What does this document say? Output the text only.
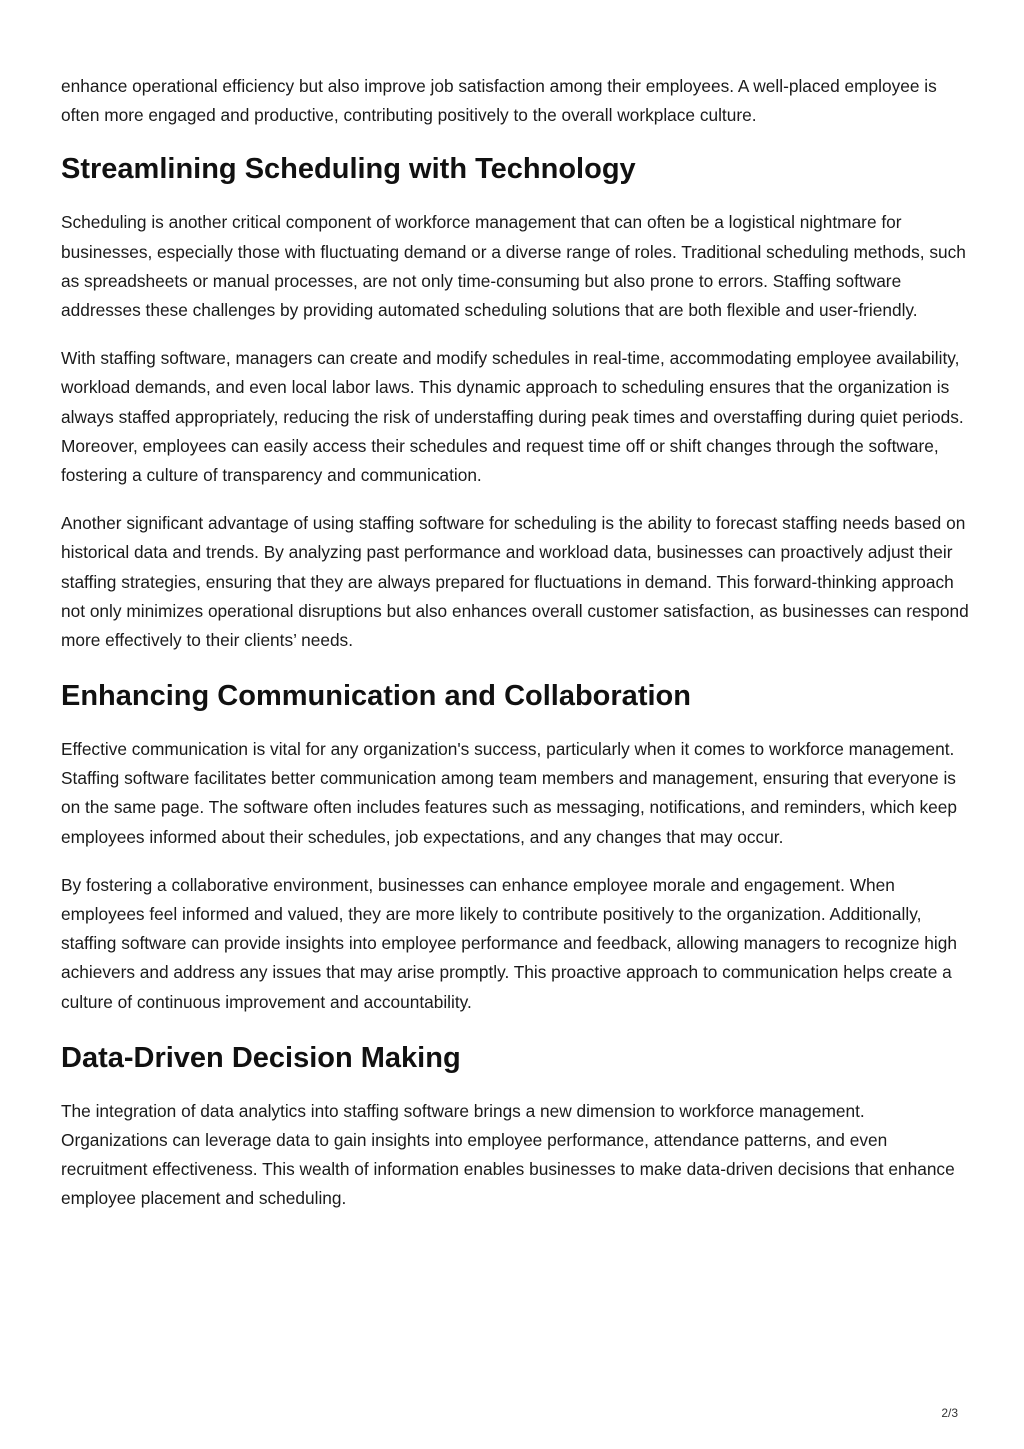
enhance operational efficiency but also improve job satisfaction among their employees. A well-placed employee is often more engaged and productive, contributing positively to the overall workplace culture.

Streamlining Scheduling with Technology

Scheduling is another critical component of workforce management that can often be a logistical nightmare for businesses, especially those with fluctuating demand or a diverse range of roles. Traditional scheduling methods, such as spreadsheets or manual processes, are not only time-consuming but also prone to errors. Staffing software addresses these challenges by providing automated scheduling solutions that are both flexible and user-friendly.

With staffing software, managers can create and modify schedules in real-time, accommodating employee availability, workload demands, and even local labor laws. This dynamic approach to scheduling ensures that the organization is always staffed appropriately, reducing the risk of understaffing during peak times and overstaffing during quiet periods. Moreover, employees can easily access their schedules and request time off or shift changes through the software, fostering a culture of transparency and communication.

Another significant advantage of using staffing software for scheduling is the ability to forecast staffing needs based on historical data and trends. By analyzing past performance and workload data, businesses can proactively adjust their staffing strategies, ensuring that they are always prepared for fluctuations in demand. This forward-thinking approach not only minimizes operational disruptions but also enhances overall customer satisfaction, as businesses can respond more effectively to their clients’ needs.

Enhancing Communication and Collaboration

Effective communication is vital for any organization's success, particularly when it comes to workforce management. Staffing software facilitates better communication among team members and management, ensuring that everyone is on the same page. The software often includes features such as messaging, notifications, and reminders, which keep employees informed about their schedules, job expectations, and any changes that may occur.

By fostering a collaborative environment, businesses can enhance employee morale and engagement. When employees feel informed and valued, they are more likely to contribute positively to the organization. Additionally, staffing software can provide insights into employee performance and feedback, allowing managers to recognize high achievers and address any issues that may arise promptly. This proactive approach to communication helps create a culture of continuous improvement and accountability.

Data-Driven Decision Making

The integration of data analytics into staffing software brings a new dimension to workforce management. Organizations can leverage data to gain insights into employee performance, attendance patterns, and even recruitment effectiveness. This wealth of information enables businesses to make data-driven decisions that enhance employee placement and scheduling.

2/3
